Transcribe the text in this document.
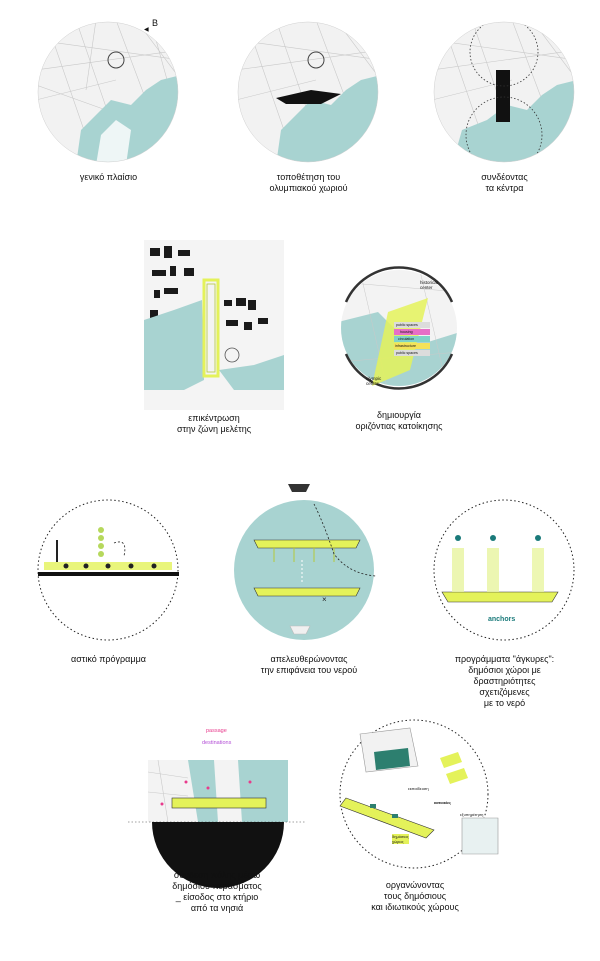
B
◀
γενικό πλαίσιο	τοποθέτηση του
ολυμπιακού χωριού
συνδέοντας
τα κέντρα
επικέντρωση
στην ζώνη μελέτης
public spaces
housing
circulation
infrastructure
public spaces
historical
center
olympic
center
δημιουργία
οριζόντιας κατοίκησης
αστικό πρόγραμμα
×
απελευθερώνοντας
την επιφάνεια του νερού
anchors
προγράμματα "άγκυρες":
δημόσιοι χώροι με
δραστηριότητες
σχετιζόμενες
με το νερό
passage
destinations
σύνδεση πόλης μέσω
δημόσιου περάσματος
_ είσοδος στο κτήριο
από τα νησιά
εκπαίδευση
κατοικίες
δημόσιος
χώρος
εξυπηρέτηση
οργανώνοντας
τους δημόσιους
και ιδιωτικούς χώρους
